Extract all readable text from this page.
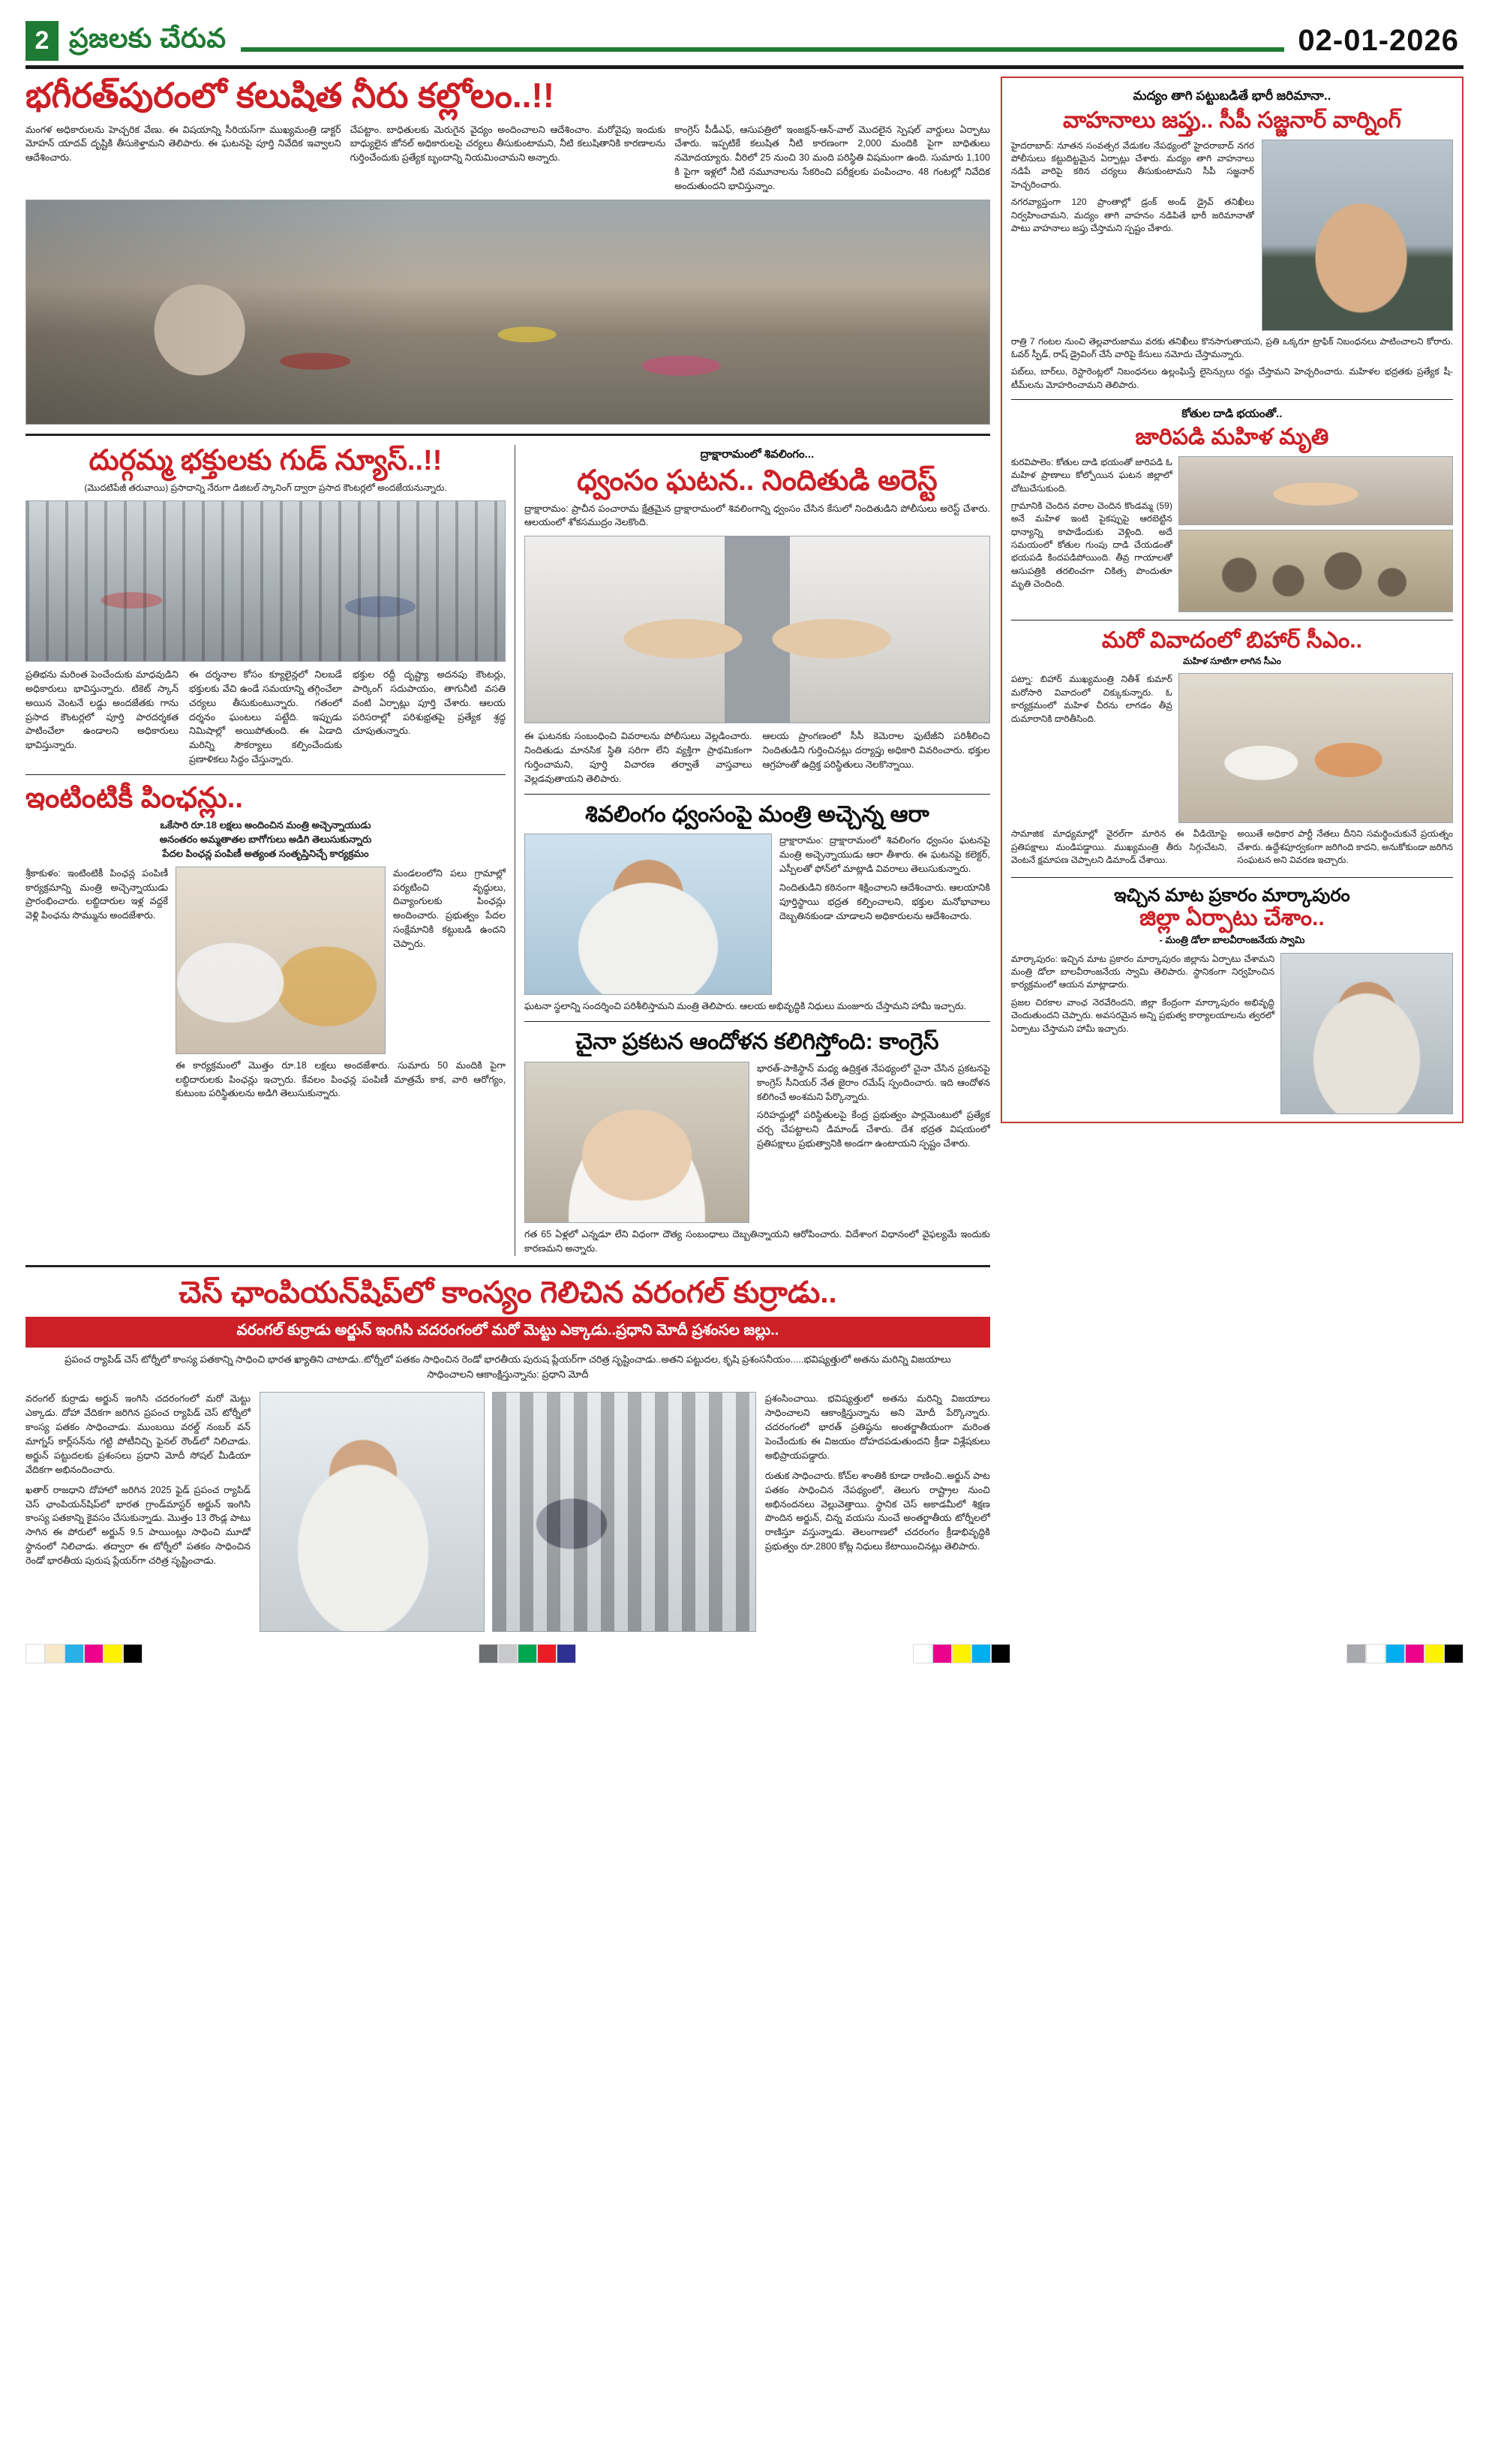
2 ప్రజలకు చేరువ	02-01-2026
భగీరత్‌పురంలో కలుషిత నీరు కల్లోలం..!!

మంగళ అధికారులను హెచ్చరిక వేణు. ఈ విషయాన్ని సీరియస్‌గా ముఖ్యమంత్రి డాక్టర్ మోహన్ యాదవ్ దృష్టికి తీసుకెళ్తామని తెలిపారు. ఈ ఘటనపై పూర్తి నివేదిక ఇవ్వాలని ఆదేశించారు.

చేపట్టాం. బాధితులకు మెరుగైన వైద్యం అందించాలని ఆదేశించాం. మరోవైపు ఇందుకు బాధ్యులైన జోనల్ అధికారులపై చర్యలు తీసుకుంటామని, నీటి కలుషితానికి కారణాలను గుర్తించేందుకు ప్రత్యేక బృందాన్ని నియమించామని అన్నారు.

కాంగ్రెస్ పీడీఎఫ్, ఆసుపత్రిలో ఇంజక్షన్-ఆన్-వాల్ మొదలైన స్పెషల్ వార్డులు ఏర్పాటు చేశారు. ఇప్పటికే కలుషిత నీటి కారణంగా 2,000 మందికి పైగా బాధితులు నమోదయ్యారు. వీరిలో 25 నుంచి 30 మంది పరిస్థితి విషమంగా ఉంది. సుమారు 1,100 కి పైగా ఇళ్లలో నీటి నమూనాలను సేకరించి పరీక్షలకు పంపించాం. 48 గంటల్లో నివేదిక అందుతుందని భావిస్తున్నాం.

దుర్గమ్మ భక్తులకు గుడ్ న్యూస్..!!
(మొదటిపేజీ తరువాయి) ప్రసాదాన్ని నేరుగా డిజిటల్ స్కానింగ్ ద్వారా ప్రసాద కౌంటర్లలో అందజేయనున్నారు.

ప్రతిభను మరింత పెంచేందుకు మాధవుడిని అధికారులు భావిస్తున్నారు. టికెట్ స్కాన్ అయిన వెంటనే లడ్డు అందజేతకు గాను ప్రసాద కౌంటర్లలో పూర్తి పారదర్శకత పాటించేలా ఉండాలని అధికారులు భావిస్తున్నారు.

ఈ దర్శనాల కోసం క్యూలైన్లలో నిలబడే భక్తులకు వేచి ఉండే సమయాన్ని తగ్గించేలా చర్యలు తీసుకుంటున్నారు. గతంలో దర్శనం ఘంటలు పట్టేది. ఇప్పుడు నిమిషాల్లో అయిపోతుంది. ఈ ఏడాది మరిన్ని సౌకర్యాలు కల్పించేందుకు ప్రణాళికలు సిద్ధం చేస్తున్నారు.

భక్తుల రద్దీ దృష్ట్యా అదనపు కౌంటర్లు, పార్కింగ్ సదుపాయం, తాగునీటి వసతి వంటి ఏర్పాట్లు పూర్తి చేశారు. ఆలయ పరిసరాల్లో పరిశుభ్రతపై ప్రత్యేక శ్రద్ధ చూపుతున్నారు.

ఇంటింటికీ పింఛన్లు..
ఒకేసారి రూ.18 లక్షలు అందించిన మంత్రి అచ్చెన్నాయుడు
అనంతరం అమ్మతాతల బాగోగులు అడిగి తెలుసుకున్నారు
పేదల పింఛన్ల పంపిణీ అత్యంత సంతృప్తినిచ్చే కార్యక్రమం

శ్రీకాకుళం: ఇంటింటికీ పింఛన్ల పంపిణీ కార్యక్రమాన్ని మంత్రి అచ్చెన్నాయుడు ప్రారంభించారు. లబ్ధిదారుల ఇళ్ల వద్దకే వెళ్లి పింఛను సొమ్మును అందజేశారు.

మండలంలోని పలు గ్రామాల్లో పర్యటించి వృద్ధులు, దివ్యాంగులకు పింఛన్లు అందించారు. ప్రభుత్వం పేదల సంక్షేమానికి కట్టుబడి ఉందని చెప్పారు.

ఈ కార్యక్రమంలో మొత్తం రూ.18 లక్షలు అందజేశారు. సుమారు 50 మందికి పైగా లబ్ధిదారులకు పింఛన్లు ఇచ్చారు. కేవలం పింఛన్ల పంపిణీ మాత్రమే కాక, వారి ఆరోగ్యం, కుటుంబ పరిస్థితులను అడిగి తెలుసుకున్నారు.

ద్రాక్షారామంలో శివలింగం...
ధ్వంసం ఘటన.. నిందితుడి అరెస్ట్
ద్రాక్షారామం: ప్రాచీన పంచారామ క్షేత్రమైన ద్రాక్షారామంలో శివలింగాన్ని ధ్వంసం చేసిన కేసులో నిందితుడిని పోలీసులు అరెస్ట్ చేశారు. ఆలయంలో శోకసముద్రం నెలకొంది.

ఈ ఘటనకు సంబంధించి వివరాలను పోలీసులు వెల్లడించారు. నిందితుడు మానసిక స్థితి సరిగా లేని వ్యక్తిగా ప్రాథమికంగా గుర్తించామని, పూర్తి విచారణ తర్వాతే వాస్తవాలు వెల్లడవుతాయని తెలిపారు.

ఆలయ ప్రాంగణంలో సీసీ కెమెరాల ఫుటేజీని పరిశీలించి నిందితుడిని గుర్తించినట్లు దర్యాప్తు అధికారి వివరించారు. భక్తుల ఆగ్రహంతో ఉద్రిక్త పరిస్థితులు నెలకొన్నాయి.

శివలింగం ధ్వంసంపై మంత్రి అచ్చెన్న ఆరా

ద్రాక్షారామం: ద్రాక్షారామంలో శివలింగం ధ్వంసం ఘటనపై మంత్రి అచ్చెన్నాయుడు ఆరా తీశారు. ఈ ఘటనపై కలెక్టర్, ఎస్పీలతో ఫోన్‌లో మాట్లాడి వివరాలు తెలుసుకున్నారు.

నిందితుడిని కఠినంగా శిక్షించాలని ఆదేశించారు. ఆలయానికి పూర్తిస్థాయి భద్రత కల్పించాలని, భక్తుల మనోభావాలు దెబ్బతినకుండా చూడాలని అధికారులను ఆదేశించారు.

ఘటనా స్థలాన్ని సందర్శించి పరిశీలిస్తామని మంత్రి తెలిపారు. ఆలయ అభివృద్ధికి నిధులు మంజూరు చేస్తామని హామీ ఇచ్చారు.
చైనా ప్రకటన ఆందోళన కలిగిస్తోంది: కాంగ్రెస్

భారత్‌-పాకిస్థాన్ మధ్య ఉద్రిక్తత నేపథ్యంలో చైనా చేసిన ప్రకటనపై కాంగ్రెస్ సీనియర్ నేత జైరాం రమేష్ స్పందించారు. ఇది ఆందోళన కలిగించే అంశమని పేర్కొన్నారు.

సరిహద్దుల్లో పరిస్థితులపై కేంద్ర ప్రభుత్వం పార్లమెంటులో ప్రత్యేక చర్చ చేపట్టాలని డిమాండ్ చేశారు. దేశ భద్రత విషయంలో ప్రతిపక్షాలు ప్రభుత్వానికి అండగా ఉంటాయని స్పష్టం చేశారు.

గత 65 ఏళ్లలో ఎన్నడూ లేని విధంగా దౌత్య సంబంధాలు దెబ్బతిన్నాయని ఆరోపించారు. విదేశాంగ విధానంలో వైఫల్యమే ఇందుకు కారణమని అన్నారు.
చెస్ ఛాంపియన్‌షిప్‌లో కాంస్యం గెలిచిన వరంగల్ కుర్రాడు..
వరంగల్ కుర్రాడు అర్జున్ ఇంగిసి చదరంగంలో మరో మెట్టు ఎక్కాడు..ప్రధాని మోదీ ప్రశంసల జల్లు..
ప్రపంచ ర్యాపిడ్ చెస్ టోర్నీలో కాంస్య పతకాన్ని సాధించి భారత ఖ్యాతిని చాటాడు..టోర్నీలో పతకం సాధించిన రెండో భారతీయ పురుష ప్లేయర్‌గా చరిత్ర సృష్టించాడు..అతని పట్టుదల, కృషి ప్రశంసనీయం.....భవిష్యత్తులో అతను మరిన్ని విజయాలు సాధించాలని ఆకాంక్షిస్తున్నాను: ప్రధాని మోదీ

వరంగల్ కుర్రాడు అర్జున్ ఇంగిసి చదరంగంలో మరో మెట్టు ఎక్కాడు. దోహా వేదికగా జరిగిన ప్రపంచ ర్యాపిడ్ చెస్ టోర్నీలో కాంస్య పతకం సాధించాడు. ముంబయి వరల్డ్ నంబర్ వన్ మాగ్నస్ కార్ల్‌సన్‌ను గట్టి పోటీనిచ్చి ఫైనల్ రౌండ్‌లో నిలిచాడు. అర్జున్ పట్టుదలకు ప్రశంసలు ప్రధాని మోదీ సోషల్ మీడియా వేదికగా అభినందించారు.

ఖతార్ రాజధాని దోహాలో జరిగిన 2025 ఫైడ్ ప్రపంచ ర్యాపిడ్ చెస్ ఛాంపియన్‌షిప్‌లో భారత గ్రాండ్‌మాస్టర్ అర్జున్ ఇంగిసి కాంస్య పతకాన్ని కైవసం చేసుకున్నాడు. మొత్తం 13 రౌండ్ల పాటు సాగిన ఈ పోరులో అర్జున్ 9.5 పాయింట్లు సాధించి మూడో స్థానంలో నిలిచాడు. తద్వారా ఈ టోర్నీలో పతకం సాధించిన రెండో భారతీయ పురుష ప్లేయర్‌గా చరిత్ర సృష్టించాడు.

ప్రశంసించాయి. భవిష్యత్తులో అతను మరిన్ని విజయాలు సాధించాలని ఆకాంక్షిస్తున్నాను అని మోదీ పేర్కొన్నారు. చదరంగంలో భారత్ ప్రతిష్ఠను అంతర్జాతీయంగా మరింత పెంచేందుకు ఈ విజయం దోహదపడుతుందని క్రీడా విశ్లేషకులు అభిప్రాయపడ్డారు.

రుతుక సాధించారు. కోచ్‌ల శాంతికి కూడా రాణించి..అర్జున్ పాట పతకం సాధించిన నేపథ్యంలో, తెలుగు రాష్ట్రాల నుంచి అభినందనలు వెల్లువెత్తాయి. స్థానిక చెస్ అకాడమీలో శిక్షణ పొందిన అర్జున్, చిన్న వయసు నుంచే అంతర్జాతీయ టోర్నీలలో రాణిస్తూ వస్తున్నాడు. తెలంగాణలో చదరంగం క్రీడాభివృద్ధికి ప్రభుత్వం రూ.2800 కోట్ల నిధులు కేటాయించినట్లు తెలిపారు.

మద్యం తాగి పట్టుబడితే భారీ జరిమానా..
వాహనాలు జప్తు.. సీపీ సజ్జనార్ వార్నింగ్

హైదరాబాద్: నూతన సంవత్సర వేడుకల నేపథ్యంలో హైదరాబాద్ నగర పోలీసులు కట్టుదిట్టమైన ఏర్పాట్లు చేశారు. మద్యం తాగి వాహనాలు నడిపే వారిపై కఠిన చర్యలు తీసుకుంటామని సీపీ సజ్జనార్ హెచ్చరించారు.

నగరవ్యాప్తంగా 120 ప్రాంతాల్లో డ్రంక్ అండ్ డ్రైవ్ తనిఖీలు నిర్వహించామని, మద్యం తాగి వాహనం నడిపితే భారీ జరిమానాతో పాటు వాహనాలు జప్తు చేస్తామని స్పష్టం చేశారు.

రాత్రి 7 గంటల నుంచి తెల్లవారుజాము వరకు తనిఖీలు కొనసాగుతాయని, ప్రతి ఒక్కరూ ట్రాఫిక్ నిబంధనలు పాటించాలని కోరారు. ఓవర్ స్పీడ్, రాష్ డ్రైవింగ్ చేసే వారిపై కేసులు నమోదు చేస్తామన్నారు.

పబ్‌లు, బార్‌లు, రెస్టారెంట్లలో నిబంధనలు ఉల్లంఘిస్తే లైసెన్సులు రద్దు చేస్తామని హెచ్చరించారు. మహిళల భద్రతకు ప్రత్యేక షీ-టీమ్‌లను మోహరించామని తెలిపారు.

కోతుల దాడి భయంతో..
జారిపడి మహిళ మృతి

కురవిపాలెం: కోతుల దాడి భయంతో జారిపడి ఓ మహిళ ప్రాణాలు కోల్పోయిన ఘటన జిల్లాలో చోటుచేసుకుంది.

గ్రామానికి చెందిన వరాల చెందిన కొండమ్మ (59) అనే మహిళ ఇంటి పైకప్పుపై ఆరబెట్టిన ధాన్యాన్ని కాపాడేందుకు వెళ్లింది. అదే సమయంలో కోతుల గుంపు దాడి చేయడంతో భయపడి కిందపడిపోయింది. తీవ్ర గాయాలతో ఆసుపత్రికి తరలించగా చికిత్స పొందుతూ మృతి చెందింది.

మరో వివాదంలో బిహార్ సీఎం..
మహిళ సూటిగా లాగిన సీఎం

పట్నా: బిహార్ ముఖ్యమంత్రి నితీశ్ కుమార్ మరోసారి వివాదంలో చిక్కుకున్నారు. ఓ కార్యక్రమంలో మహిళ చీరను లాగడం తీవ్ర దుమారానికి దారితీసింది.

సామాజిక మాధ్యమాల్లో వైరల్‌గా మారిన ఈ వీడియోపై ప్రతిపక్షాలు మండిపడ్డాయి. ముఖ్యమంత్రి తీరు సిగ్గుచేటని, వెంటనే క్షమాపణ చెప్పాలని డిమాండ్ చేశాయి.

అయితే అధికార పార్టీ నేతలు దీనిని సమర్థించుకునే ప్రయత్నం చేశారు. ఉద్దేశపూర్వకంగా జరిగింది కాదని, అనుకోకుండా జరిగిన సంఘటన అని వివరణ ఇచ్చారు.

ఇచ్చిన మాట ప్రకారం మార్కాపురం
జిల్లా ఏర్పాటు చేశాం..
- మంత్రి డోలా బాలవీరాంజనేయ స్వామి

మార్కాపురం: ఇచ్చిన మాట ప్రకారం మార్కాపురం జిల్లాను ఏర్పాటు చేశామని మంత్రి డోలా బాలవీరాంజనేయ స్వామి తెలిపారు. స్థానికంగా నిర్వహించిన కార్యక్రమంలో ఆయన మాట్లాడారు.

ప్రజల చిరకాల వాంఛ నెరవేరిందని, జిల్లా కేంద్రంగా మార్కాపురం అభివృద్ధి చెందుతుందని చెప్పారు. అవసరమైన అన్ని ప్రభుత్వ కార్యాలయాలను త్వరలో ఏర్పాటు చేస్తామని హామీ ఇచ్చారు.
